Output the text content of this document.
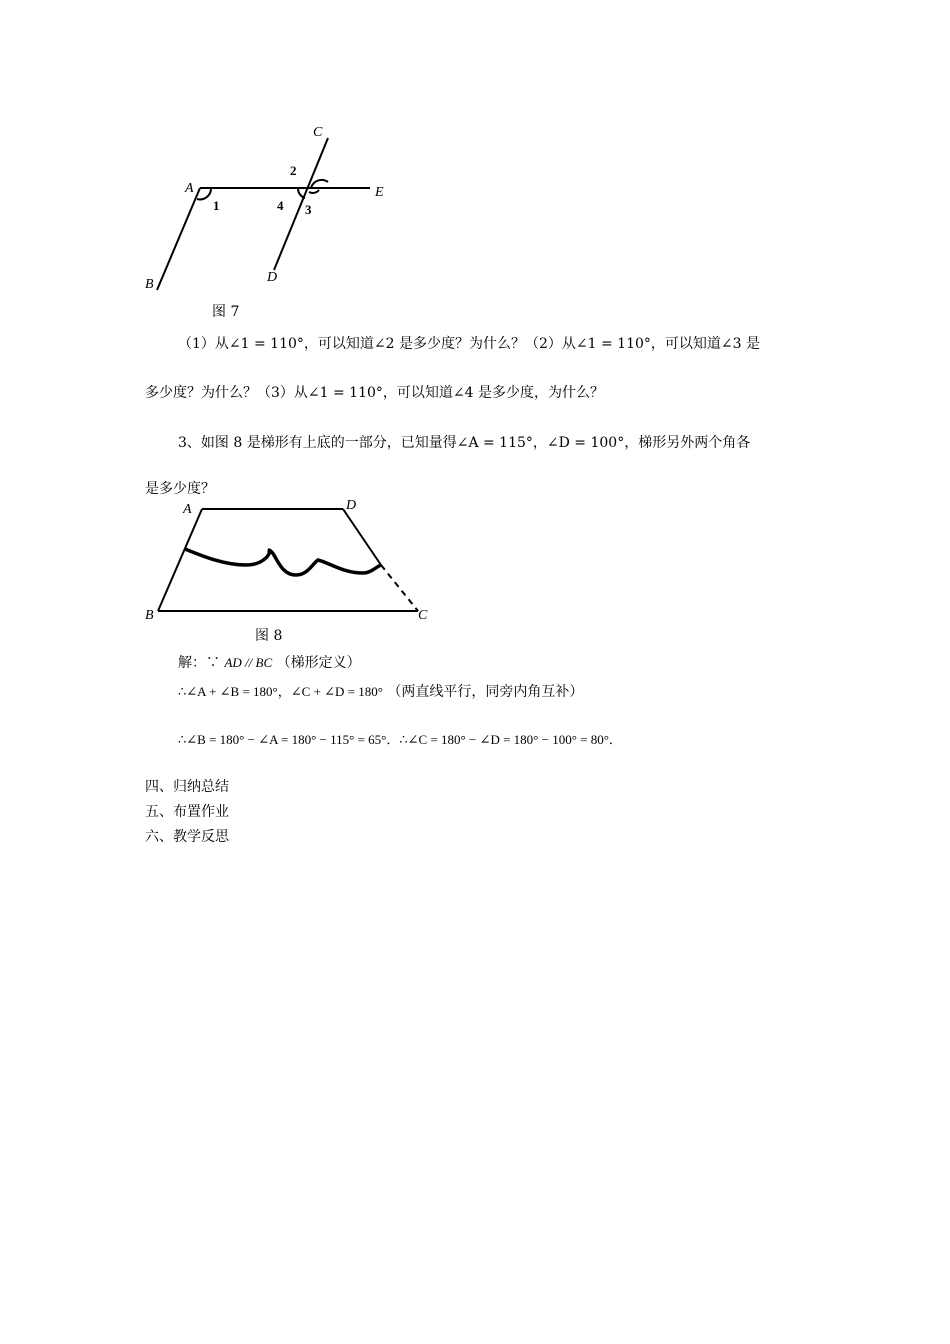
C
A	E
B	D
1
2
3
4
图 7
（1）从∠1 = 110°，可以知道∠2 是多少度？为什么？（2）从∠1 = 110°，可以知道∠3 是
多少度？为什么？（3）从∠1 = 110°，可以知道∠4 是多少度，为什么？
3、如图 8 是梯形有上底的一部分，已知量得∠A = 115°，∠D = 100°，梯形另外两个角各
是多少度？
A	D
B	C
图 8
解：∵ AD // BC （梯形定义）
∴∠A + ∠B = 180°，∠C + ∠D = 180° （两直线平行，同旁内角互补）
∴∠B = 180° − ∠A = 180° − 115° = 65°．∴∠C = 180° − ∠D = 180° − 100° = 80°．
四、归纳总结
五、布置作业
六、教学反思
